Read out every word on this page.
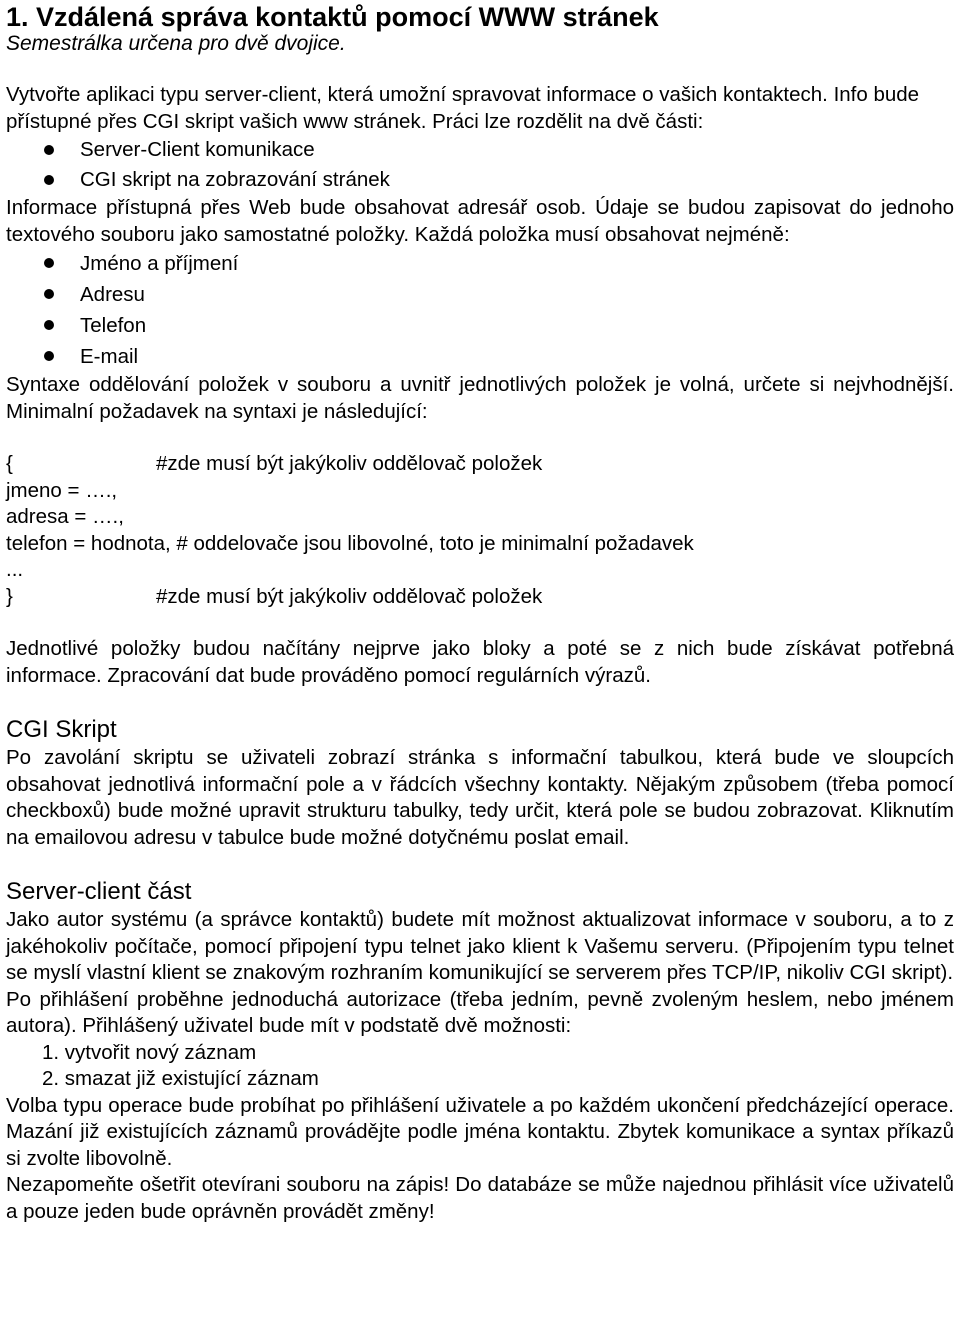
1. Vzdálená správa kontaktů pomocí WWW stránek

Semestrálka určena pro dvě dvojice.

Vytvořte aplikaci typu server-client, která umožní spravovat informace o vašich kontaktech. Info bude přístupné přes CGI skript vašich www stránek. Práci lze rozdělit na dvě části:

Server-Client komunikace
CGI skript na zobrazování stránek

Informace přístupná přes Web bude obsahovat adresář osob. Údaje se budou zapisovat do jednoho textového souboru jako samostatné položky. Každá položka musí obsahovat nejméně:

Jméno a příjmení
Adresu
Telefon
E-mail

Syntaxe oddělování položek v souboru a uvnitř jednotlivých položek je volná, určete si nejvhodnější. Minimalní požadavek na syntaxi je následující:

{	#zde musí být jakýkoliv oddělovač položek

jmeno = ….,

adresa = ….,

telefon = hodnota, # oddelovače jsou libovolné, toto je minimalní požadavek

...

}	#zde musí být jakýkoliv oddělovač položek

Jednotlivé položky budou načítány nejprve jako bloky a poté se z nich bude získávat potřebná informace. Zpracování dat bude prováděno pomocí regulárních výrazů.

CGI Skript

Po zavolání skriptu se uživateli zobrazí stránka s informační tabulkou, která bude ve sloupcích obsahovat jednotlivá informační pole a v řádcích všechny kontakty. Nějakým způsobem (třeba pomocí checkboxů) bude možné upravit strukturu tabulky, tedy určit, která pole se budou zobrazovat. Kliknutím na emailovou adresu v tabulce bude možné dotyčnému poslat email.

Server-client část

Jako autor systému (a správce kontaktů) budete mít možnost aktualizovat informace v souboru, a to z jakéhokoliv počítače, pomocí připojení typu telnet jako klient k Vašemu serveru. (Připojením typu telnet se myslí vlastní klient se znakovým rozhraním komunikující se serverem přes TCP/IP, nikoliv CGI skript).

Po přihlášení proběhne jednoduchá autorizace (třeba jedním, pevně zvoleným heslem, nebo jménem autora). Přihlášený uživatel bude mít v podstatě dvě možnosti:

1. vytvořit nový záznam
2. smazat již existující záznam

Volba typu operace bude probíhat po přihlášení uživatele a po každém ukončení předcházející operace. Mazání již existujících záznamů provádějte podle jména kontaktu. Zbytek komunikace a syntax příkazů si zvolte libovolně.

Nezapomeňte ošetřit otevírani souboru na zápis! Do databáze se může najednou přihlásit více uživatelů a pouze jeden bude oprávněn provádět změny!
